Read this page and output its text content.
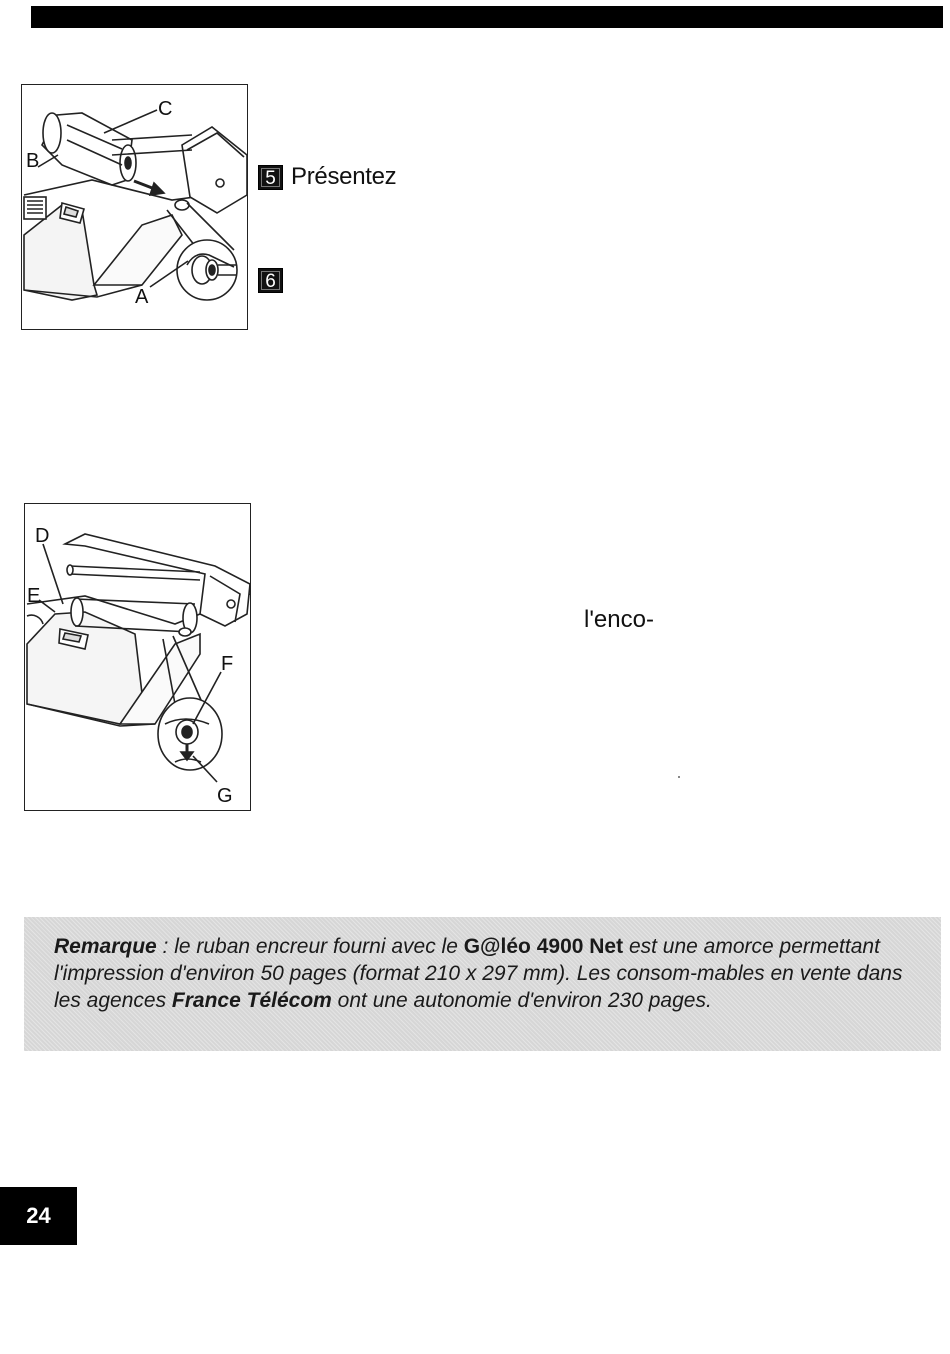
C
B
A
5 Présentez
6
D
E
F
G
l'enco-
Remarque : le ruban encreur fourni avec le G@léo 4900 Net est une amorce permettant l'impression d'environ 50 pages (format 210 x 297 mm). Les consom-mables en vente dans les agences France Télécom ont une autonomie d'environ 230 pages.
24
